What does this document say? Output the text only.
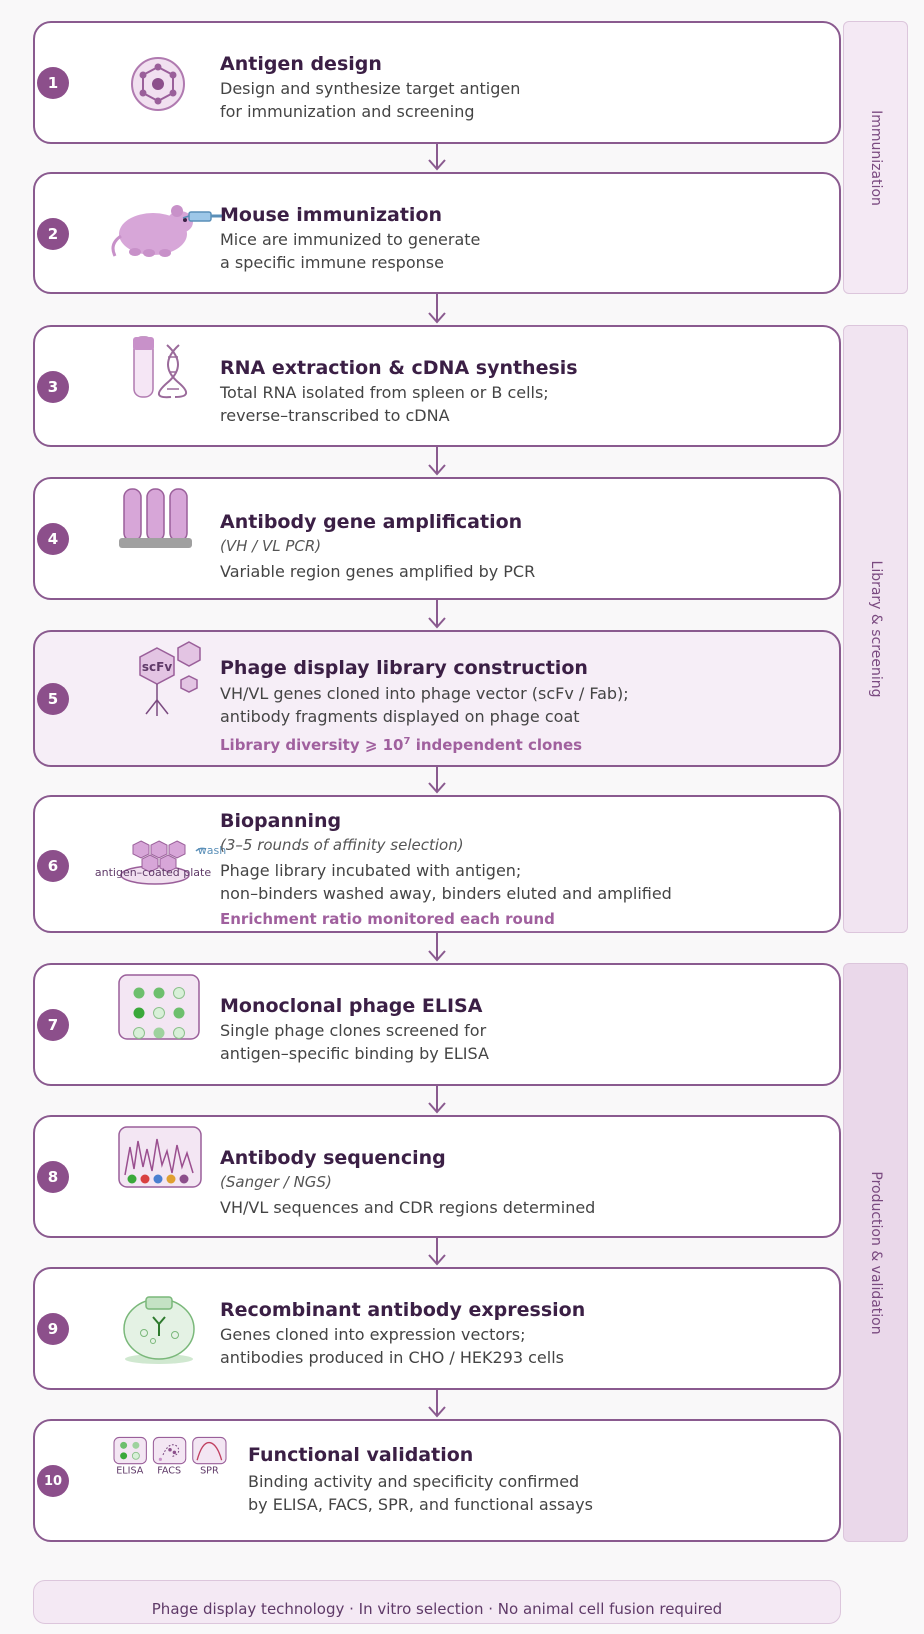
Immunization
Library & screening
Production & validation
1
Antigen design
Design and synthesize target antigen
for immunization and screening
2
Mouse immunization
Mice are immunized to generate
a specific immune response
3
RNA extraction & cDNA synthesis
Total RNA isolated from spleen or B cells;
reverse–transcribed to cDNA
4
Antibody gene amplification
(VH / VL PCR)
Variable region genes amplified by PCR
5
scFv	Phage display library construction
VH/VL genes cloned into phage vector (scFv / Fab);
antibody fragments displayed on phage coat
Library diversity ⩾ $10^7$ independent clones
6	antigen–coated plate
wash
Biopanning
(3–5 rounds of affinity selection)
Phage library incubated with antigen;
non–binders washed away, binders eluted and amplified
Enrichment ratio monitored each round
7
Monoclonal phage ELISA
Single phage clones screened for
antigen–specific binding by ELISA
8
Antibody sequencing
(Sanger / NGS)
VH/VL sequences and CDR regions determined
9
Recombinant antibody expression
Genes cloned into expression vectors;
antibodies produced in CHO / HEK293 cells
10
ELISA FACS SPR
Functional validation
Binding activity and specificity confirmed
by ELISA, FACS, SPR, and functional assays
Phage display technology · In vitro selection · No animal cell fusion required
